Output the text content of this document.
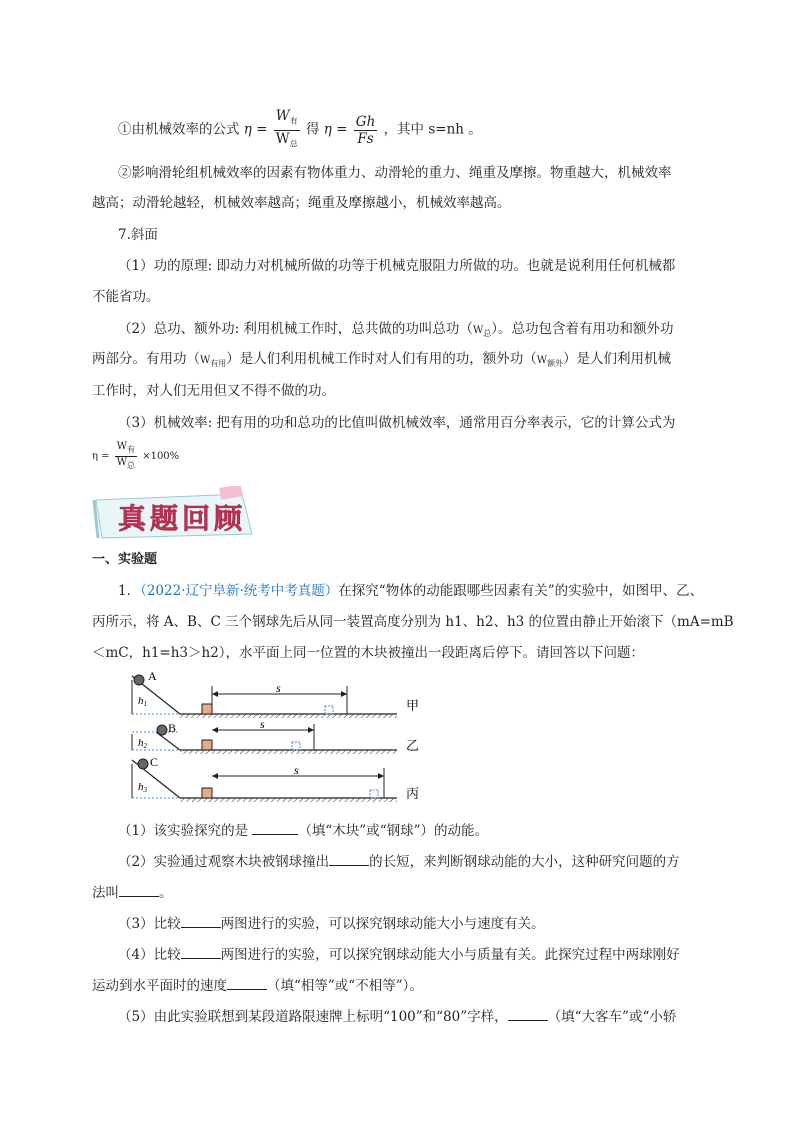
①由机械效率的公式 $\eta = \frac{W_有}{W_总}$ 得 $\eta = \frac{Gh}{Fs}$ ，其中 s=nh 。
②影响滑轮组机械效率的因素有物体重力、动滑轮的重力、绳重及摩擦。物重越大，机械效率
越高；动滑轮越轻，机械效率越高；绳重及摩擦越小，机械效率越高。
7.斜面
（1）功的原理: 即动力对机械所做的功等于机械克服阻力所做的功。也就是说利用任何机械都
不能省功。
（2）总功、额外功: 利用机械工作时，总共做的功叫总功$(W_总)$。总功包含着有用功和额外功
两部分。有用功$(W_{有用})$是人们利用机械工作时对人们有用的功，额外功$(W_{额外})$是人们利用机械
工作时，对人们无用但又不得不做的功。
（3）机械效率: 把有用的功和总功的比值叫做机械效率，通常用百分率表示，它的计算公式为
$\eta = \frac{W_有}{W_总} \times 100\%$
真题回顾
一、实验题
1．（2022·辽宁阜新·统考中考真题）在探究“物体的动能跟哪些因素有关”的实验中，如图甲、乙、
丙所示，将 A、B、C 三个钢球先后从同一装置高度分别为 h1、h2、h3 的位置由静止开始滚下（mA=mB
＜mC，h1=h3＞h2），水平面上同一位置的木块被撞出一段距离后停下。请回答以下问题：
A
B
C
h1
h2
h3
s
s
s
甲
乙
丙
（1）该实验探究的是	（填“木块”或“钢球”）的动能。
（2）实验通过观察木块被钢球撞出	的长短，来判断钢球动能的大小，这种研究问题的方
法叫	。
（3）比较	两图进行的实验，可以探究钢球动能大小与速度有关。
（4）比较	两图进行的实验，可以探究钢球动能大小与质量有关。此探究过程中两球刚好
运动到水平面时的速度	（填“相等”或“不相等”）。
（5）由此实验联想到某段道路限速牌上标明“100”和“80”字样，	（填“大客车”或“小轿
